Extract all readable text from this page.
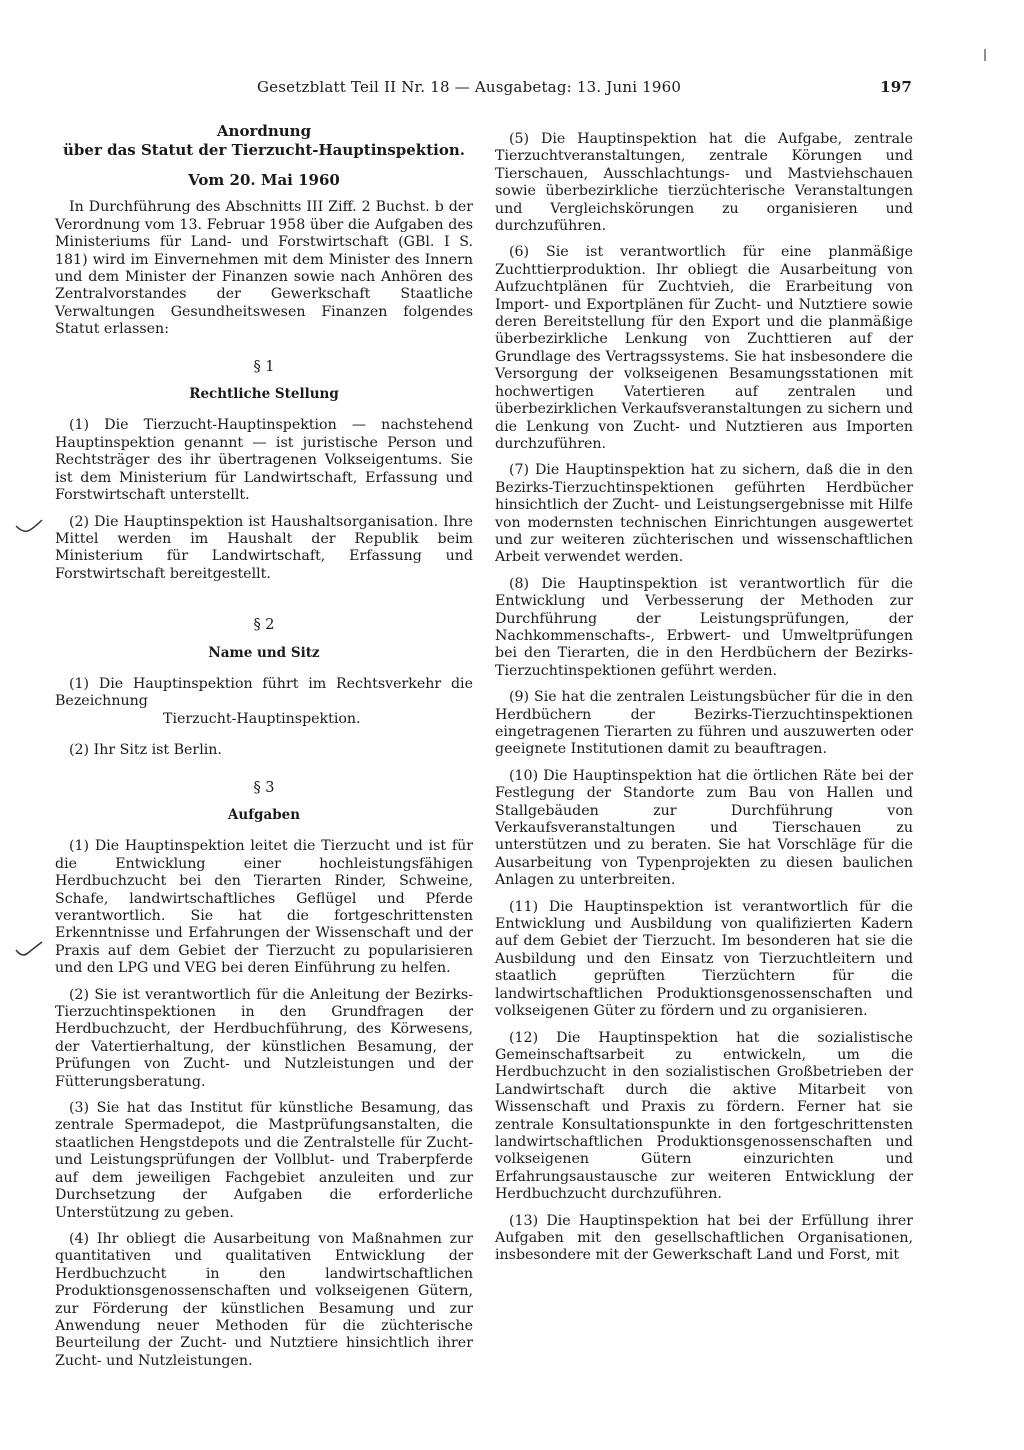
Gesetzblatt Teil II Nr. 18 — Ausgabetag: 13. Juni 1960	197

Anordnung

über das Statut der Tierzucht-Hauptinspektion.

Vom 20. Mai 1960

In Durchführung des Abschnitts III Ziff. 2 Buchst. b der Verordnung vom 13. Februar 1958 über die Aufgaben des Ministeriums für Land- und Forstwirtschaft (GBl. I S. 181) wird im Einvernehmen mit dem Minister des Innern und dem Minister der Finanzen sowie nach Anhören des Zentralvorstandes der Gewerkschaft Staatliche Verwaltungen Gesundheitswesen Finanzen folgendes Statut erlassen:

§ 1

Rechtliche Stellung

(1) Die Tierzucht-Hauptinspektion — nachstehend Hauptinspektion genannt — ist juristische Person und Rechtsträger des ihr übertragenen Volkseigentums. Sie ist dem Ministerium für Landwirtschaft, Erfassung und Forstwirtschaft unterstellt.

(2) Die Hauptinspektion ist Haushaltsorganisation. Ihre Mittel werden im Haushalt der Republik beim Ministerium für Landwirtschaft, Erfassung und Forstwirtschaft bereitgestellt.

§ 2

Name und Sitz

(1) Die Hauptinspektion führt im Rechtsverkehr die Bezeichnung

Tierzucht-Hauptinspektion.

(2) Ihr Sitz ist Berlin.

§ 3

Aufgaben

(1) Die Hauptinspektion leitet die Tierzucht und ist für die Entwicklung einer hochleistungsfähigen Herdbuchzucht bei den Tierarten Rinder, Schweine, Schafe, landwirtschaftliches Geflügel und Pferde verantwortlich. Sie hat die fortgeschrittensten Erkenntnisse und Erfahrungen der Wissenschaft und der Praxis auf dem Gebiet der Tierzucht zu popularisieren und den LPG und VEG bei deren Einführung zu helfen.

(2) Sie ist verantwortlich für die Anleitung der Bezirks-Tierzuchtinspektionen in den Grundfragen der Herdbuchzucht, der Herdbuchführung, des Körwesens, der Vatertierhaltung, der künstlichen Besamung, der Prüfungen von Zucht- und Nutzleistungen und der Fütterungsberatung.

(3) Sie hat das Institut für künstliche Besamung, das zentrale Spermadepot, die Mastprüfungsanstalten, die staatlichen Hengstdepots und die Zentralstelle für Zucht- und Leistungsprüfungen der Vollblut- und Traberpferde auf dem jeweiligen Fachgebiet anzuleiten und zur Durchsetzung der Aufgaben die erforderliche Unterstützung zu geben.

(4) Ihr obliegt die Ausarbeitung von Maßnahmen zur quantitativen und qualitativen Entwicklung der Herdbuchzucht in den landwirtschaftlichen Produktionsgenossenschaften und volkseigenen Gütern, zur Förderung der künstlichen Besamung und zur Anwendung neuer Methoden für die züchterische Beurteilung der Zucht- und Nutztiere hinsichtlich ihrer Zucht- und Nutzleistungen.

(5) Die Hauptinspektion hat die Aufgabe, zentrale Tierzuchtveranstaltungen, zentrale Körungen und Tierschauen, Ausschlachtungs- und Mastviehschauen sowie überbezirkliche tierzüchterische Veranstaltungen und Vergleichskörungen zu organisieren und durchzuführen.

(6) Sie ist verantwortlich für eine planmäßige Zuchttierproduktion. Ihr obliegt die Ausarbeitung von Aufzuchtplänen für Zuchtvieh, die Erarbeitung von Import- und Exportplänen für Zucht- und Nutztiere sowie deren Bereitstellung für den Export und die planmäßige überbezirkliche Lenkung von Zuchttieren auf der Grundlage des Vertragssystems. Sie hat insbesondere die Versorgung der volkseigenen Besamungsstationen mit hochwertigen Vatertieren auf zentralen und überbezirklichen Verkaufsveranstaltungen zu sichern und die Lenkung von Zucht- und Nutztieren aus Importen durchzuführen.

(7) Die Hauptinspektion hat zu sichern, daß die in den Bezirks-Tierzuchtinspektionen geführten Herdbücher hinsichtlich der Zucht- und Leistungsergebnisse mit Hilfe von modernsten technischen Einrichtungen ausgewertet und zur weiteren züchterischen und wissenschaftlichen Arbeit verwendet werden.

(8) Die Hauptinspektion ist verantwortlich für die Entwicklung und Verbesserung der Methoden zur Durchführung der Leistungsprüfungen, der Nachkommenschafts-, Erbwert- und Umweltprüfungen bei den Tierarten, die in den Herdbüchern der Bezirks-Tierzuchtinspektionen geführt werden.

(9) Sie hat die zentralen Leistungsbücher für die in den Herdbüchern der Bezirks-Tierzuchtinspektionen eingetragenen Tierarten zu führen und auszuwerten oder geeignete Institutionen damit zu beauftragen.

(10) Die Hauptinspektion hat die örtlichen Räte bei der Festlegung der Standorte zum Bau von Hallen und Stallgebäuden zur Durchführung von Verkaufsveranstaltungen und Tierschauen zu unterstützen und zu beraten. Sie hat Vorschläge für die Ausarbeitung von Typenprojekten zu diesen baulichen Anlagen zu unterbreiten.

(11) Die Hauptinspektion ist verantwortlich für die Entwicklung und Ausbildung von qualifizierten Kadern auf dem Gebiet der Tierzucht. Im besonderen hat sie die Ausbildung und den Einsatz von Tierzuchtleitern und staatlich geprüften Tierzüchtern für die landwirtschaftlichen Produktionsgenossenschaften und volkseigenen Güter zu fördern und zu organisieren.

(12) Die Hauptinspektion hat die sozialistische Gemeinschaftsarbeit zu entwickeln, um die Herdbuchzucht in den sozialistischen Großbetrieben der Landwirtschaft durch die aktive Mitarbeit von Wissenschaft und Praxis zu fördern. Ferner hat sie zentrale Konsultationspunkte in den fortgeschrittensten landwirtschaftlichen Produktionsgenossenschaften und volkseigenen Gütern einzurichten und Erfahrungsaustausche zur weiteren Entwicklung der Herdbuchzucht durchzuführen.

(13) Die Hauptinspektion hat bei der Erfüllung ihrer Aufgaben mit den gesellschaftlichen Organisationen, insbesondere mit der Gewerkschaft Land und Forst, mit
